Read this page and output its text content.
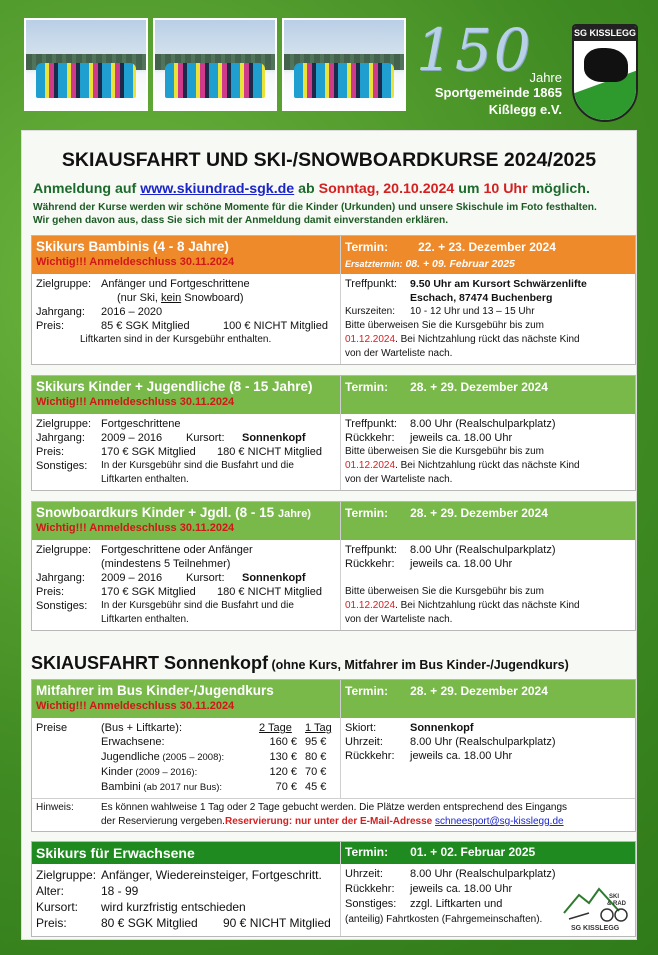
150
Jahre
Sportgemeinde 1865
Kißlegg e.V.
SG KISSLEGG
SKIAUSFAHRT UND SKI-/SNOWBOARDKURSE 2024/2025
Anmeldung auf www.skiundrad-sgk.de ab Sonntag, 20.10.2024 um 10 Uhr möglich.
Während der Kurse werden wir schöne Momente für die Kinder (Urkunden) und unsere Skischule im Foto festhalten.
Wir gehen davon aus, dass Sie sich mit der Anmeldung damit einverstanden erklären.
Skikurs Bambinis (4 - 8 Jahre)
Wichtig!!! Anmeldeschluss 30.11.2024
Termin:	22. + 23. Dezember 2024
Ersatztermin: 08. + 09. Februar 2025
Zielgruppe: Anfänger und Fortgeschrittene
(nur Ski, kein Snowboard)
Jahrgang:	2016 – 2020
Preis:	85 € SGK Mitglied	100 € NICHT Mitglied
Liftkarten sind in der Kursgebühr enthalten.
Treffpunkt:	9.50 Uhr am Kursort Schwärzenlifte
Eschach, 87474 Buchenberg
Kurszeiten:	10 - 12 Uhr und 13 – 15 Uhr
Bitte überweisen Sie die Kursgebühr bis zum
01.12.2024 . Bei Nichtzahlung rückt das nächste Kind
von der Warteliste nach.
Skikurs Kinder + Jugendliche (8 - 15 Jahre)
Wichtig!!! Anmeldeschluss 30.11.2024
Termin: 28. + 29. Dezember 2024
Zielgruppe: Fortgeschrittene
Jahrgang:	2009 – 2016	Kursort:	Sonnenkopf
Preis:	170 € SGK Mitglied	180 € NICHT Mitglied
Sonstiges:	In der Kursgebühr sind die Busfahrt und die
Liftkarten enthalten.
Treffpunkt:	8.00 Uhr (Realschulparkplatz)
Rückkehr:	jeweils ca. 18.00 Uhr
Bitte überweisen Sie die Kursgebühr bis zum
01.12.2024 . Bei Nichtzahlung rückt das nächste Kind
von der Warteliste nach.
Snowboardkurs Kinder + Jgdl. (8 - 15 Jahre)
Wichtig!!! Anmeldeschluss 30.11.2024
Termin: 28. + 29. Dezember 2024
Zielgruppe: Fortgeschrittene oder Anfänger
(mindestens 5 Teilnehmer)
Jahrgang:	2009 – 2016	Kursort:	Sonnenkopf
Preis:	170 € SGK Mitglied	180 € NICHT Mitglied
Sonstiges:	In der Kursgebühr sind die Busfahrt und die
Liftkarten enthalten.
Treffpunkt:	8.00 Uhr (Realschulparkplatz)
Rückkehr:	jeweils ca. 18.00 Uhr
Bitte überweisen Sie die Kursgebühr bis zum
01.12.2024 . Bei Nichtzahlung rückt das nächste Kind
von der Warteliste nach.
SKIAUSFAHRT Sonnenkopf (ohne Kurs, Mitfahrer im Bus Kinder-/Jugendkurs)
Mitfahrer im Bus Kinder-/Jugendkurs
Wichtig!!! Anmeldeschluss 30.11.2024
Termin: 28. + 29. Dezember 2024
Preise	(Bus + Liftkarte):	2 Tage	1 Tag
Erwachsene:	160 € 95 €
Jugendliche (2005 – 2008):	130 € 80 €
Kinder (2009 – 2016):	120 € 70 €
Bambini (ab 2017 nur Bus):	70 € 45 €
Skiort:	Sonnenkopf
Uhrzeit:	8.00 Uhr (Realschulparkplatz)
Rückkehr:	jeweils ca. 18.00 Uhr
Hinweis:	Es können wahlweise 1 Tag oder 2 Tage gebucht werden. Die Plätze werden entsprechend des Eingangs
der Reservierung vergeben. Reservierung: nur unter der E-Mail-Adresse
schneesport@sg-kisslegg.de
Skikurs für Erwachsene	Termin: 01. + 02. Februar 2025
Zielgruppe: Anfänger, Wiedereinsteiger, Fortgeschritt.
Alter:	18 - 99
Kursort:	wird kurzfristig entschieden
Preis:	80 € SGK Mitglied	90 € NICHT Mitglied
Uhrzeit:	8.00 Uhr (Realschulparkplatz)
Rückkehr:	jeweils ca. 18.00 Uhr
Sonstiges:	zzgl. Liftkarten und
(anteilig) Fahrtkosten (Fahrgemeinschaften).
SKI
& RAD
SG KISSLEGG
